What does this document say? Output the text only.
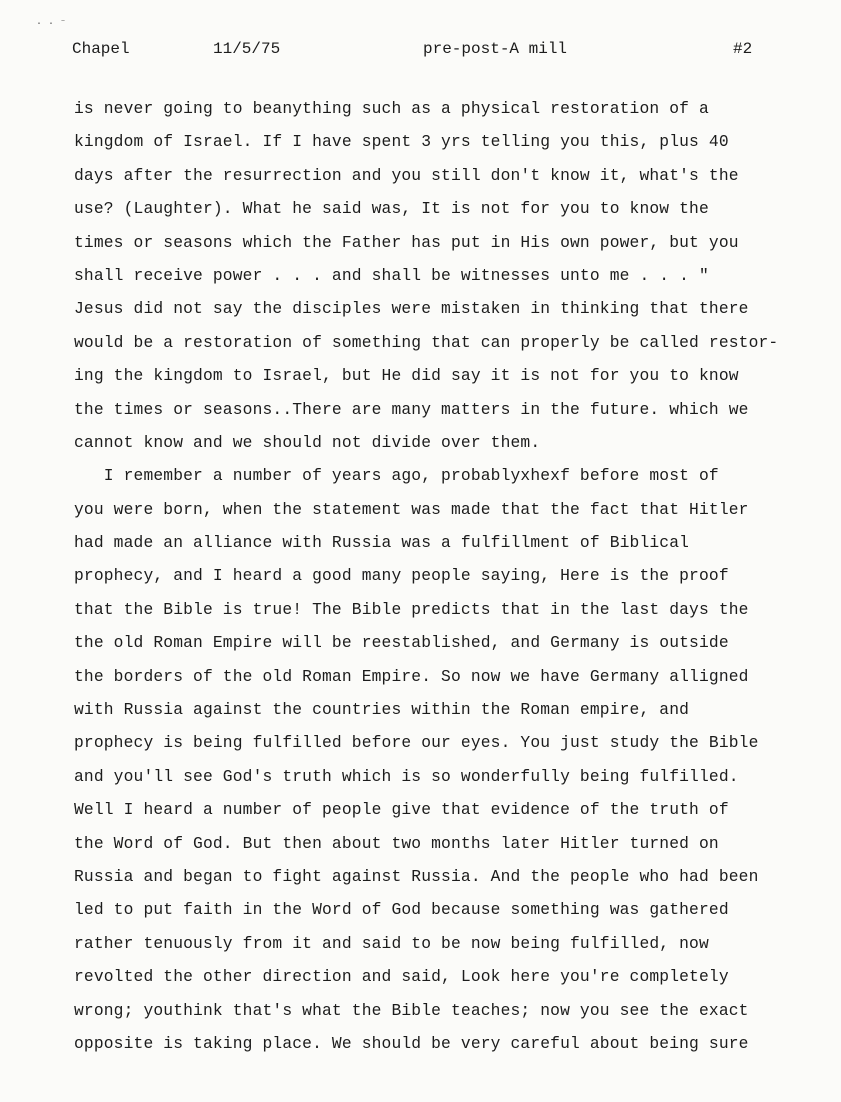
· · ⁻
Chapel	11/5/75	pre-post-A mill	#2
is never going to beanything such as a physical restoration of a
kingdom of Israel. If I have spent 3 yrs telling you this, plus 40
days after the resurrection and you still don't know it, what's the
use? (Laughter). What he said was, It is not for you to know the
times or seasons which the Father has put in His own power, but you
shall receive power . . . and shall be witnesses unto me . . . "
Jesus did not say the disciples were mistaken in thinking that there
would be a restoration of something that can properly be called restor-
ing the kingdom to Israel, but He did say it is not for you to know
the times or seasons..There are many matters in the future. which we
cannot know and we should not divide over them.
I remember a number of years ago, probablyxhexf before most of
you were born, when the statement was made that the fact that Hitler
had made an alliance with Russia was a fulfillment of Biblical
prophecy, and I heard a good many people saying, Here is the proof
that the Bible is true! The Bible predicts that in the last days the
the old Roman Empire will be reestablished, and Germany is outside
the borders of the old Roman Empire. So now we have Germany alligned
with Russia against the countries within the Roman empire, and
prophecy is being fulfilled before our eyes. You just study the Bible
and you'll see God's truth which is so wonderfully being fulfilled.
Well I heard a number of people give that evidence of the truth of
the Word of God. But then about two months later Hitler turned on
Russia and began to fight against Russia. And the people who had been
led to put faith in the Word of God because something was gathered
rather tenuously from it and said to be now being fulfilled, now
revolted the other direction and said, Look here you're completely
wrong; youthink that's what the Bible teaches; now you see the exact
opposite is taking place. We should be very careful about being sure
